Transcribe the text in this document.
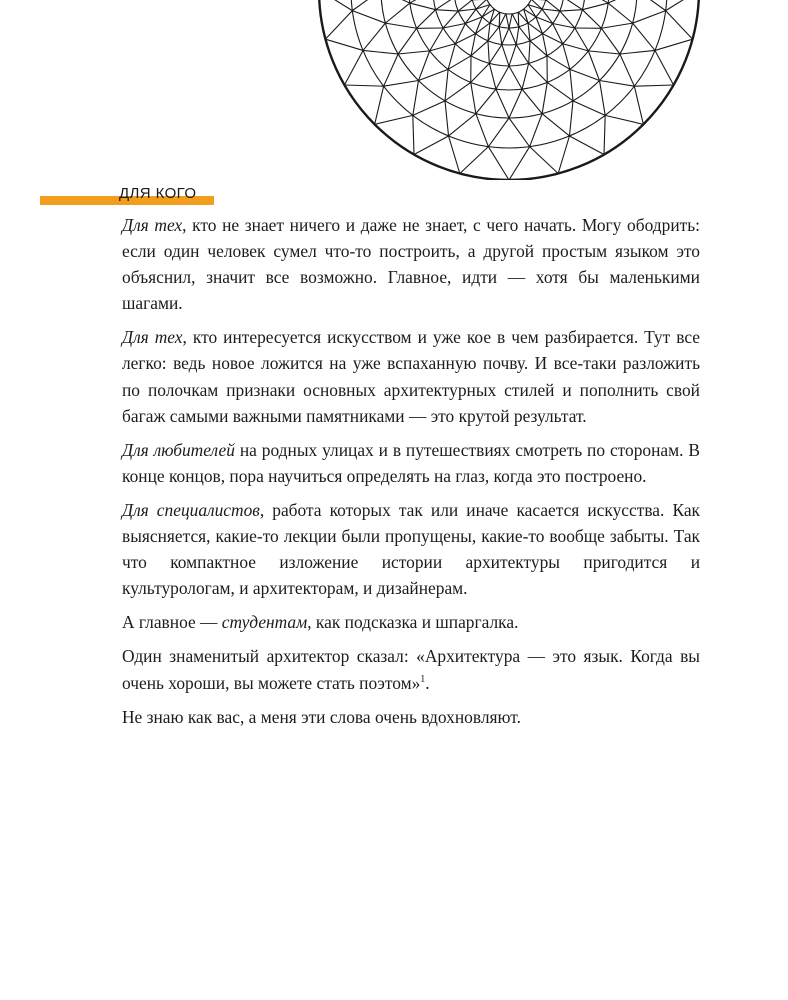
ДЛЯ КОГО

Для тех, кто не знает ничего и даже не знает, с чего начать. Могу ободрить: если один человек сумел что-то построить, а другой простым языком это объяснил, значит все возможно. Главное, идти — хотя бы маленькими шагами.

Для тех, кто интересуется искусством и уже кое в чем разбирается. Тут все легко: ведь новое ложится на уже вспаханную почву. И все-таки разложить по полочкам признаки основных архитектурных стилей и пополнить свой багаж самыми важными памятниками — это крутой результат.

Для любителей на родных улицах и в путешествиях смотреть по сторонам. В конце концов, пора научиться определять на глаз, когда это построено.

Для специалистов, работа которых так или иначе касается искусства. Как выясняется, какие-то лекции были пропущены, какие-то вообще забыты. Так что компактное изложение истории архитектуры пригодится и культурологам, и архитекторам, и дизайнерам.

А главное — студентам, как подсказка и шпаргалка.

Один знаменитый архитектор сказал: «Архитектура — это язык. Когда вы очень хороши, вы можете стать поэтом»$^1$.

Не знаю как вас, а меня эти слова очень вдохновляют.
